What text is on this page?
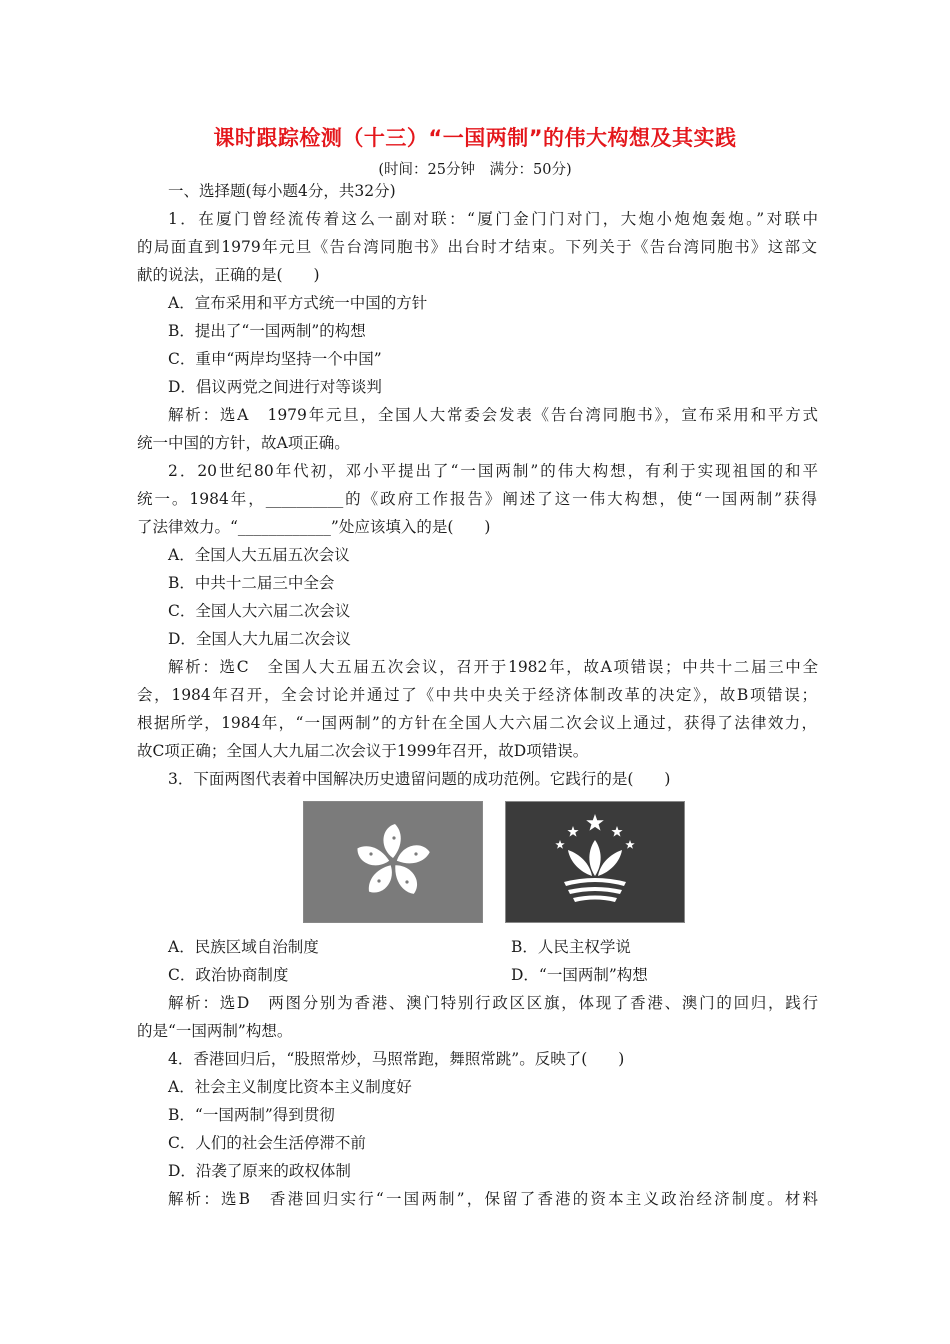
课时跟踪检测（十三）“一国两制”的伟大构想及其实践
(时间：25分钟　满分：50分)
一、选择题(每小题4分，共32分)
1．在厦门曾经流传着这么一副对联：“厦门金门门对门，大炮小炮炮轰炮。”对联中
的局面直到1979年元旦《告台湾同胞书》出台时才结束。下列关于《告台湾同胞书》这部文
献的说法，正确的是(　　)
A．宣布采用和平方式统一中国的方针
B．提出了“一国两制”的构想
C．重申“两岸均坚持一个中国”
D．倡议两党之间进行对等谈判
解析：选A　1979年元旦，全国人大常委会发表《告台湾同胞书》，宣布采用和平方式
统一中国的方针，故A项正确。
2．20世纪80年代初，邓小平提出了“一国两制”的伟大构想，有利于实现祖国的和平
统一。1984年，__________的《政府工作报告》阐述了这一伟大构想，使“一国两制”获得
了法律效力。“____________”处应该填入的是(　　)
A．全国人大五届五次会议
B．中共十二届三中全会
C．全国人大六届二次会议
D．全国人大九届二次会议
解析：选C　全国人大五届五次会议，召开于1982年，故A项错误；中共十二届三中全
会，1984年召开，全会讨论并通过了《中共中央关于经济体制改革的决定》，故B项错误；
根据所学，1984年，“一国两制”的方针在全国人大六届二次会议上通过，获得了法律效力，
故C项正确；全国人大九届二次会议于1999年召开，故D项错误。
3．下面两图代表着中国解决历史遗留问题的成功范例。它践行的是(　　)
A．民族区域自治制度	B．人民主权学说
C．政治协商制度	D．“一国两制”构想
解析：选D　两图分别为香港、澳门特别行政区区旗，体现了香港、澳门的回归，践行
的是“一国两制”构想。
4．香港回归后，“股照常炒，马照常跑，舞照常跳”。反映了(　　)
A．社会主义制度比资本主义制度好
B．“一国两制”得到贯彻
C．人们的社会生活停滞不前
D．沿袭了原来的政权体制
解析：选B　香港回归实行“一国两制”，保留了香港的资本主义政治经济制度。材料
